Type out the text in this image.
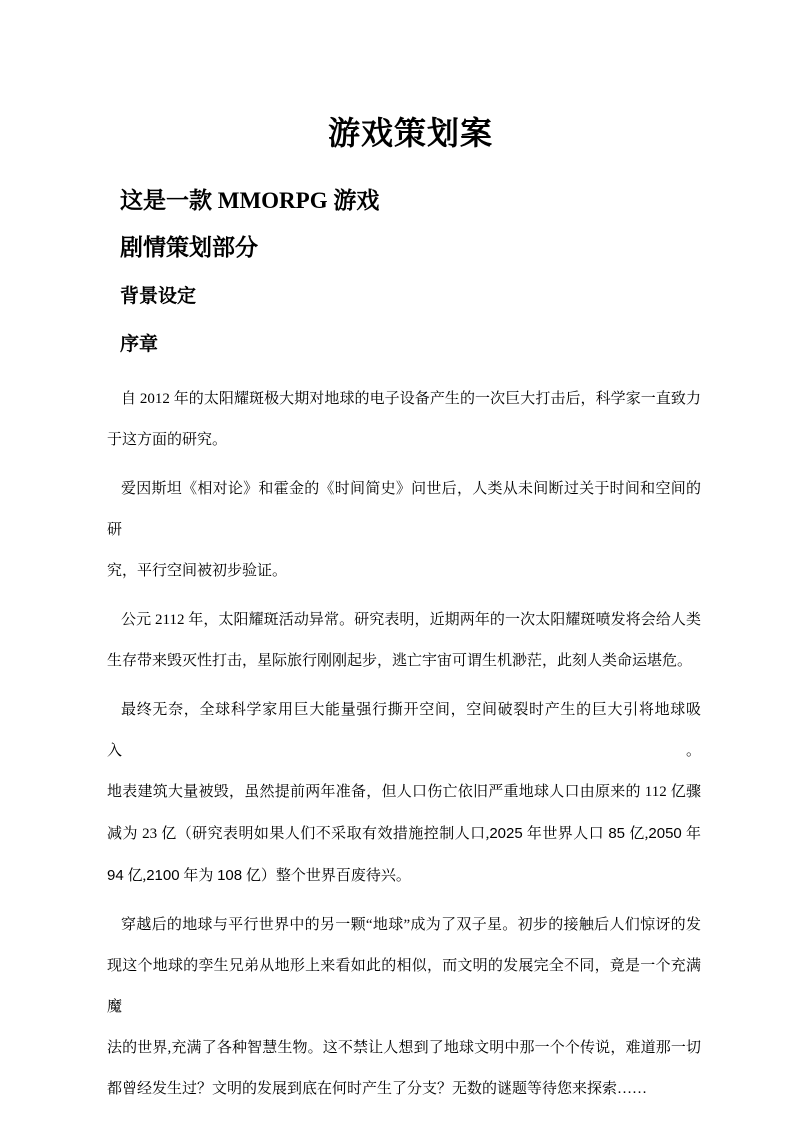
游戏策划案
这是一款 MMORPG 游戏
剧情策划部分
背景设定
序章
自 2012 年的太阳耀斑极大期对地球的电子设备产生的一次巨大打击后，科学家一直致力
于这方面的研究。
爱因斯坦《相对论》和霍金的《时间简史》问世后，人类从未间断过关于时间和空间的研
究，平行空间被初步验证。
公元 2112 年，太阳耀斑活动异常。研究表明，近期两年的一次太阳耀斑喷发将会给人类
生存带来毁灭性打击，星际旅行刚刚起步，逃亡宇宙可谓生机渺茫，此刻人类命运堪危。
最终无奈，全球科学家用巨大能量强行撕开空间，空间破裂时产生的巨大引将地球吸入。
地表建筑大量被毁，虽然提前两年准备，但人口伤亡依旧严重地球人口由原来的 112 亿骤
减为 23 亿（研究表明如果人们不采取有效措施控制人口,2025 年世界人口 85 亿,2050 年
94 亿,2100 年为 108 亿）整个世界百废待兴。
穿越后的地球与平行世界中的另一颗“地球”成为了双子星。初步的接触后人们惊讶的发
现这个地球的孪生兄弟从地形上来看如此的相似，而文明的发展完全不同，竟是一个充满魔
法的世界,充满了各种智慧生物。这不禁让人想到了地球文明中那一个个传说，难道那一切
都曾经发生过？文明的发展到底在何时产生了分支？无数的谜题等待您来探索……
